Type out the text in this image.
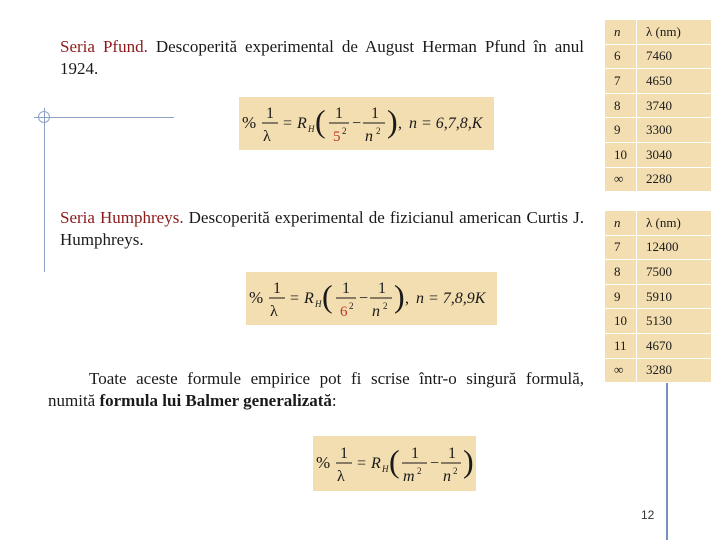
Seria Pfund. Descoperită experimental de August Herman Pfund în anul 1924.
% 1
λ
= R H ( 1
5 2 −
1
n 2 ) , n = 6,7,8,K
Seria Humphreys. Descoperită experimental de fizicianul american Curtis J. Humphreys.
% 1
λ
= R H ( 1
6 2 −
1
n 2 ) , n = 7,8,9K
Toate aceste formule empirice pot fi scrise într-o singură formulă, numită formula lui Balmer generalizată:
% 1
λ
= R H ( 1
m 2 −
1
n 2 )
n	λ (nm)
6	7460
7	4650
8	3740
9	3300
10	3040
∞	2280
n	λ (nm)
7	12400
8	7500
9	5910
10	5130
11	4670
∞	3280
12
